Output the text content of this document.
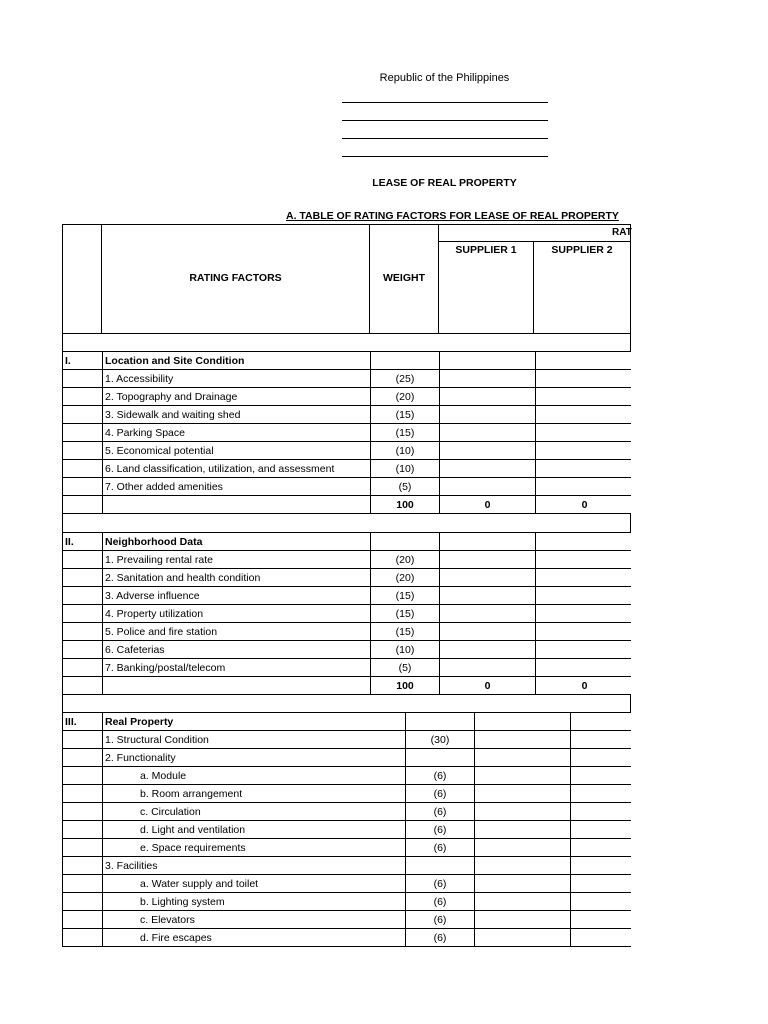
Republic of the Philippines
LEASE OF REAL PROPERTY
A. TABLE OF RATING FACTORS FOR LEASE OF REAL PROPERTY
RATING FACTORS	WEIGHT
SUPPLIER 1	SUPPLIER 2
I.	Location and Site Condition			
	1. Accessibility	(25)		
	2. Topography and Drainage	(20)		
	3. Sidewalk and waiting shed	(15)		
	4. Parking Space	(15)		
	5. Economical potential	(10)		
	6. Land classification, utilization, and assessment	(10)		
	7. Other added amenities	(5)		
		100	0	0
II.	Neighborhood Data			
	1. Prevailing rental rate	(20)		
	2. Sanitation and health condition	(20)		
	3. Adverse influence	(15)		
	4. Property utilization	(15)		
	5. Police and fire station	(15)		
	6. Cafeterias	(10)		
	7. Banking/postal/telecom	(5)		
		100	0	0
III.	Real Property			
	1. Structural Condition	(30)		
	2. Functionality			
	a. Module	(6)		
	b. Room arrangement	(6)		
	c. Circulation	(6)		
	d. Light and ventilation	(6)		
	e. Space requirements	(6)		
	3. Facilities			
	a. Water supply and toilet	(6)		
	b. Lighting system	(6)		
	c. Elevators	(6)		
	d. Fire escapes	(6)		
RAT
